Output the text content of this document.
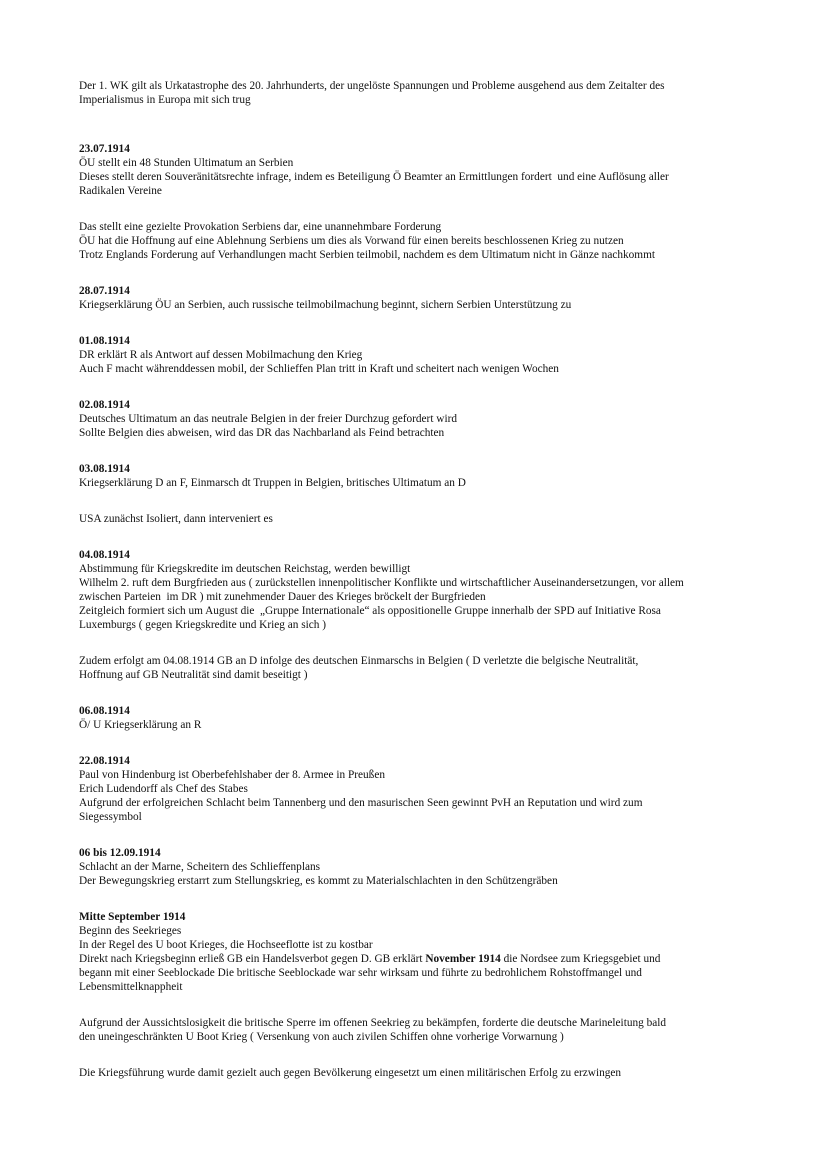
Der 1. WK gilt als Urkatastrophe des 20. Jahrhunderts, der ungelöste Spannungen und Probleme ausgehend aus dem Zeitalter des
Imperialismus in Europa mit sich trug
23.07.1914
ÖU stellt ein 48 Stunden Ultimatum an Serbien
Dieses stellt deren Souveränitätsrechte infrage, indem es Beteiligung Ö Beamter an Ermittlungen fordert  und eine Auflösung aller
Radikalen Vereine
Das stellt eine gezielte Provokation Serbiens dar, eine unannehmbare Forderung
ÖU hat die Hoffnung auf eine Ablehnung Serbiens um dies als Vorwand für einen bereits beschlossenen Krieg zu nutzen
Trotz Englands Forderung auf Verhandlungen macht Serbien teilmobil, nachdem es dem Ultimatum nicht in Gänze nachkommt
28.07.1914
Kriegserklärung ÖU an Serbien, auch russische teilmobilmachung beginnt, sichern Serbien Unterstützung zu
01.08.1914
DR erklärt R als Antwort auf dessen Mobilmachung den Krieg
Auch F macht währenddessen mobil, der Schlieffen Plan tritt in Kraft und scheitert nach wenigen Wochen
02.08.1914
Deutsches Ultimatum an das neutrale Belgien in der freier Durchzug gefordert wird
Sollte Belgien dies abweisen, wird das DR das Nachbarland als Feind betrachten
03.08.1914
Kriegserklärung D an F, Einmarsch dt Truppen in Belgien, britisches Ultimatum an D
USA zunächst Isoliert, dann interveniert es
04.08.1914
Abstimmung für Kriegskredite im deutschen Reichstag, werden bewilligt
Wilhelm 2. ruft dem Burgfrieden aus ( zurückstellen innenpolitischer Konflikte und wirtschaftlicher Auseinandersetzungen, vor allem
zwischen Parteien  im DR ) mit zunehmender Dauer des Krieges bröckelt der Burgfrieden
Zeitgleich formiert sich um August die  „Gruppe Internationale“ als oppositionelle Gruppe innerhalb der SPD auf Initiative Rosa
Luxemburgs ( gegen Kriegskredite und Krieg an sich )
Zudem erfolgt am 04.08.1914 GB an D infolge des deutschen Einmarschs in Belgien ( D verletzte die belgische Neutralität,
Hoffnung auf GB Neutralität sind damit beseitigt )
06.08.1914
Ö/ U Kriegserklärung an R
22.08.1914
Paul von Hindenburg ist Oberbefehlshaber der 8. Armee in Preußen
Erich Ludendorff als Chef des Stabes
Aufgrund der erfolgreichen Schlacht beim Tannenberg und den masurischen Seen gewinnt PvH an Reputation und wird zum
Siegessymbol
06 bis 12.09.1914
Schlacht an der Marne, Scheitern des Schlieffenplans
Der Bewegungskrieg erstarrt zum Stellungskrieg, es kommt zu Materialschlachten in den Schützengräben
Mitte September 1914
Beginn des Seekrieges
In der Regel des U boot Krieges, die Hochseeflotte ist zu kostbar
Direkt nach Kriegsbeginn erließ GB ein Handelsverbot gegen D. GB erklärt November 1914 die Nordsee zum Kriegsgebiet und
begann mit einer Seeblockade Die britische Seeblockade war sehr wirksam und führte zu bedrohlichem Rohstoffmangel und
Lebensmittelknappheit
Aufgrund der Aussichtslosigkeit die britische Sperre im offenen Seekrieg zu bekämpfen, forderte die deutsche Marineleitung bald
den uneingeschränkten U Boot Krieg ( Versenkung von auch zivilen Schiffen ohne vorherige Vorwarnung )
Die Kriegsführung wurde damit gezielt auch gegen Bevölkerung eingesetzt um einen militärischen Erfolg zu erzwingen
